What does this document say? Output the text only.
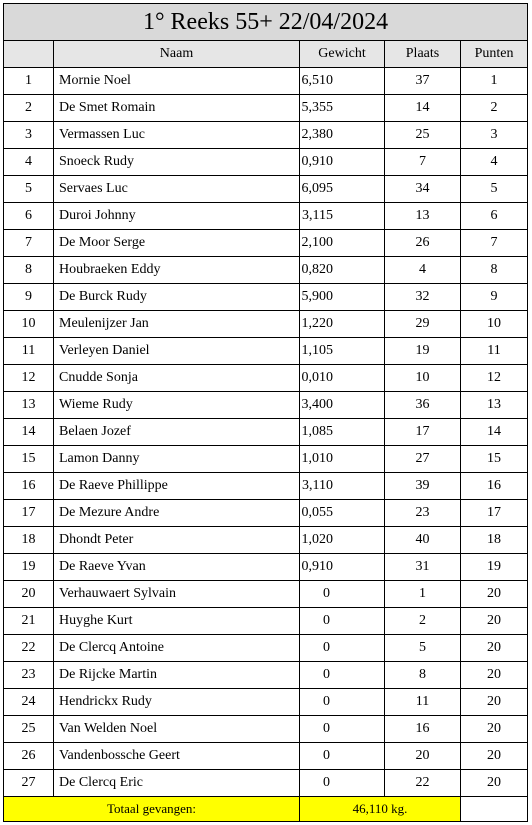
1° Reeks 55+ 22/04/2024				
	Naam	Gewicht	Plaats	Punten
1	Mornie Noel	6,510	37	1
2	De Smet Romain	5,355	14	2
3	Vermassen Luc	2,380	25	3
4	Snoeck Rudy	0,910	7	4
5	Servaes Luc	6,095	34	5
6	Duroi Johnny	3,115	13	6
7	De Moor Serge	2,100	26	7
8	Houbraeken Eddy	0,820	4	8
9	De Burck Rudy	5,900	32	9
10	Meulenijzer Jan	1,220	29	10
11	Verleyen Daniel	1,105	19	11
12	Cnudde Sonja	0,010	10	12
13	Wieme Rudy	3,400	36	13
14	Belaen Jozef	1,085	17	14
15	Lamon Danny	1,010	27	15
16	De Raeve Phillippe	3,110	39	16
17	De Mezure Andre	0,055	23	17
18	Dhondt Peter	1,020	40	18
19	De Raeve Yvan	0,910	31	19
20	Verhauwaert Sylvain	0	1	20
21	Huyghe Kurt	0	2	20
22	De Clercq Antoine	0	5	20
23	De Rijcke Martin	0	8	20
24	Hendrickx Rudy	0	11	20
25	Van Welden Noel	0	16	20
26	Vandenbossche Geert	0	20	20
27	De Clercq Eric	0	22	20
Totaal gevangen:		46,110 kg.		
